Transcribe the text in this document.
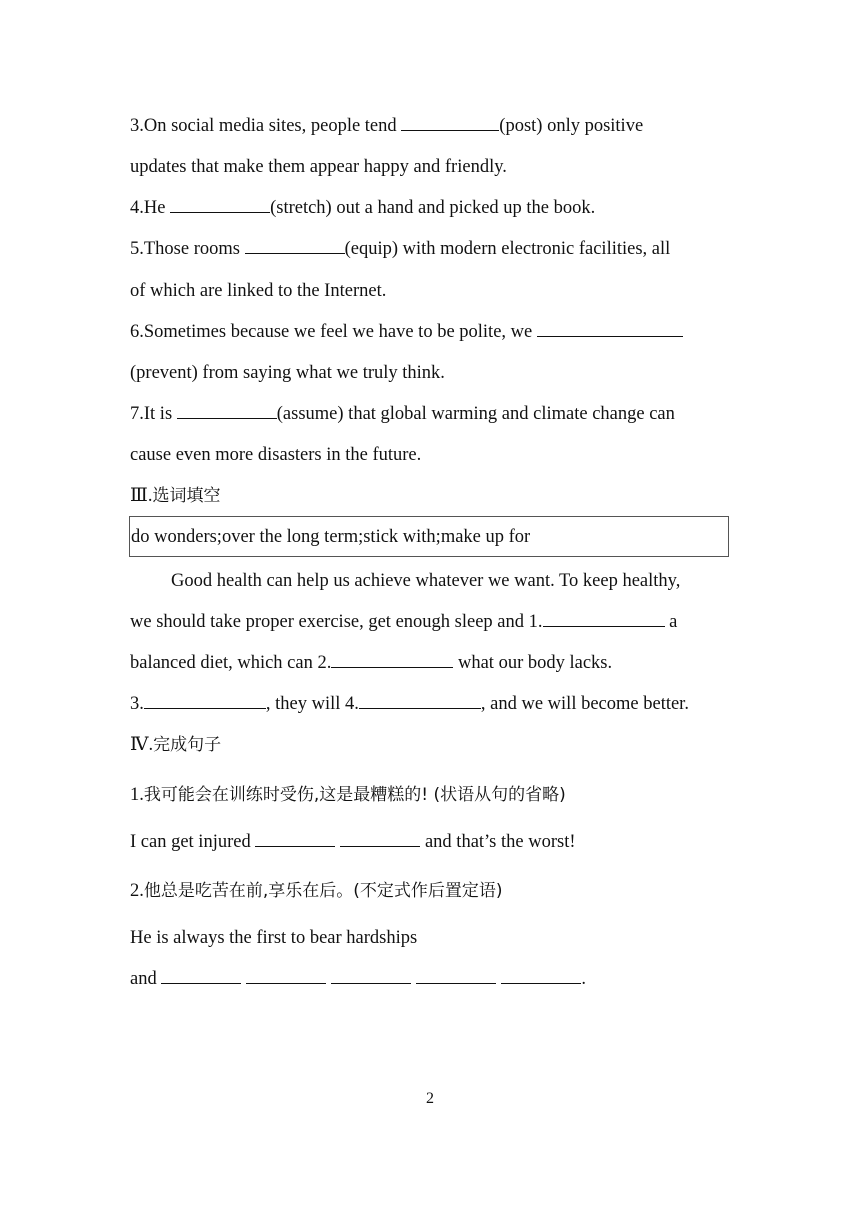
3.On social media sites, people tend	(post) only positive
updates that make them appear happy and friendly.
4.He	(stretch) out a hand and picked up the book.
5.Those rooms	(equip) with modern electronic facilities, all
of which are linked to the Internet.
6.Sometimes because we feel we have to be polite, we
(prevent) from saying what we truly think.
7.It is	(assume) that global warming and climate change can
cause even more disasters in the future.
Ⅲ.选词填空
do wonders;over the long term;stick with;make up for
Good health can help us achieve whatever we want. To keep healthy,
we should take proper exercise, get enough sleep and 1.	a
balanced diet, which can 2.	what our body lacks.
3.	, they will 4.	, and we will become better.
Ⅳ.完成句子
1.我可能会在训练时受伤,这是最糟糕的! (状语从句的省略)
I can get injured	and that’s the worst!
2.他总是吃苦在前,享乐在后。(不定式作后置定语)
He is always the first to bear hardships
and	.
2
